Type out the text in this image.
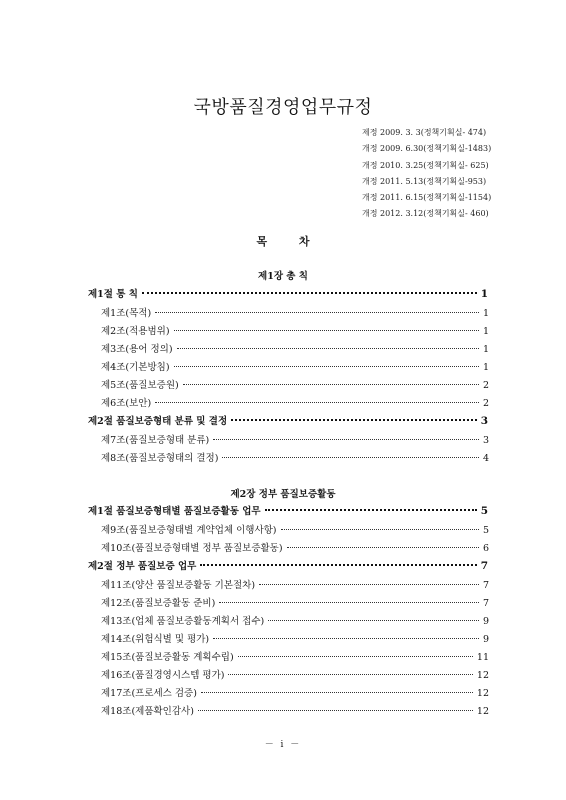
국방품질경영업무규정
제정 2009. 3. 3(정책기획실- 474)
개정 2009. 6.30(정책기획실-1483)
개정 2010. 3.25(정책기획실- 625)
개정 2011. 5.13(정책기획실-953)
개정 2011. 6.15(정책기획실-1154)
개정 2012. 3.12(정책기획실- 460)
목 차
제1장 총 칙
제1절 통 칙	1
제1조(목적)	1
제2조(적용범위)	1
제3조(용어 정의)	1
제4조(기본방침)	1
제5조(품질보증원)	2
제6조(보안)	2
제2절 품질보증형태 분류 및 결정	3
제7조(품질보증형태 분류)	3
제8조(품질보증형태의 결정)	4
제2장 정부 품질보증활동
제1절 품질보증형태별 품질보증활동 업무	5
제9조(품질보증형태별 계약업체 이행사항)	5
제10조(품질보증형태별 정부 품질보증활동)	6
제2절 정부 품질보증 업무	7
제11조(양산 품질보증활동 기본절차)	7
제12조(품질보증활동 준비)	7
제13조(업체 품질보증활동계획서 접수)	9
제14조(위험식별 및 평가)	9
제15조(품질보증활동 계획수립)	11
제16조(품질경영시스템 평가)	12
제17조(프로세스 검증)	12
제18조(제품확인감사)	12
－ i －
